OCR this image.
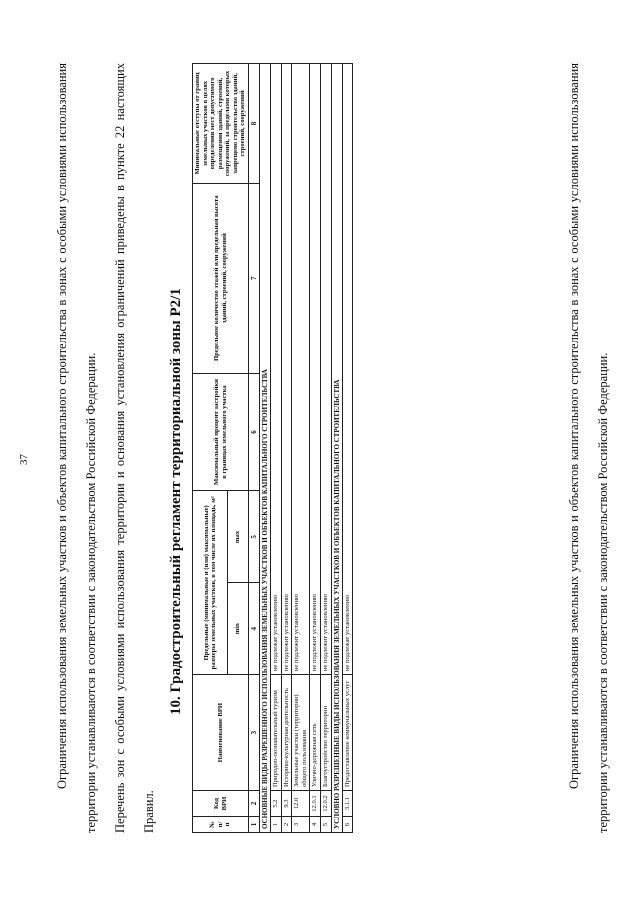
37	Ограничения использования земельных участков и объектов капитального строительства в зонах с особыми условиями использования территории устанавливаются в соответствии с законодательством Российской Федерации.	Перечень зон с особыми условиями использования территории и основания установления ограничений приведены в пункте 22 настоящих Правил.

10. Градостроительный регламент территориальной зоны Р2/1
№ п/п	Код ВРИ	Наименование ВРИ	Предельные (минимальные и (или) максимальные) размеры земельных участков, в том числе их площадь, м²		Максимальный процент застройки в границах земельного участка	Предельное количество этажей или предельная высота зданий, строений, сооружений	Минимальные отступы от границ земельных участков в целях определения мест допустимого размещения зданий, строений, сооружений, за пределами которых запрещено строительство зданий, строений, сооружений
			min	max			
1	2	3	4	5	6	7	8
ОСНОВНЫЕ ВИДЫ РАЗРЕШЕННОГО ИСПОЛЬЗОВАНИЯ ЗЕМЕЛЬНЫХ УЧАСТКОВ И ОБЪЕКТОВ КАПИТАЛЬНОГО СТРОИТЕЛЬСТВА							
1	5.2	Природно-познавательный туризм	не подлежат установлению				
2	9.3	Историко-культурная деятельность	не подлежит установлению				
3	12.0	Земельные участки (территории) общего пользования	не подлежит установлению				
4	12.0.1	Улично-дорожная сеть	не подлежит установлению				
5	12.0.2	Благоустройство территории	не подлежит установлению				
УСЛОВНО РАЗРЕШЕННЫЕ ВИДЫ ИСПОЛЬЗОВАНИЯ ЗЕМЕЛЬНЫХ УЧАСТКОВ И ОБЪЕКТОВ КАПИТАЛЬНОГО СТРОИТЕЛЬСТВА							
6	3.1.1	Предоставление коммунальных услуг	не подлежат установлению					Ограничения использования земельных участков и объектов капитального строительства в зонах с особыми условиями использования территории устанавливаются в соответствии с законодательством Российской Федерации.
